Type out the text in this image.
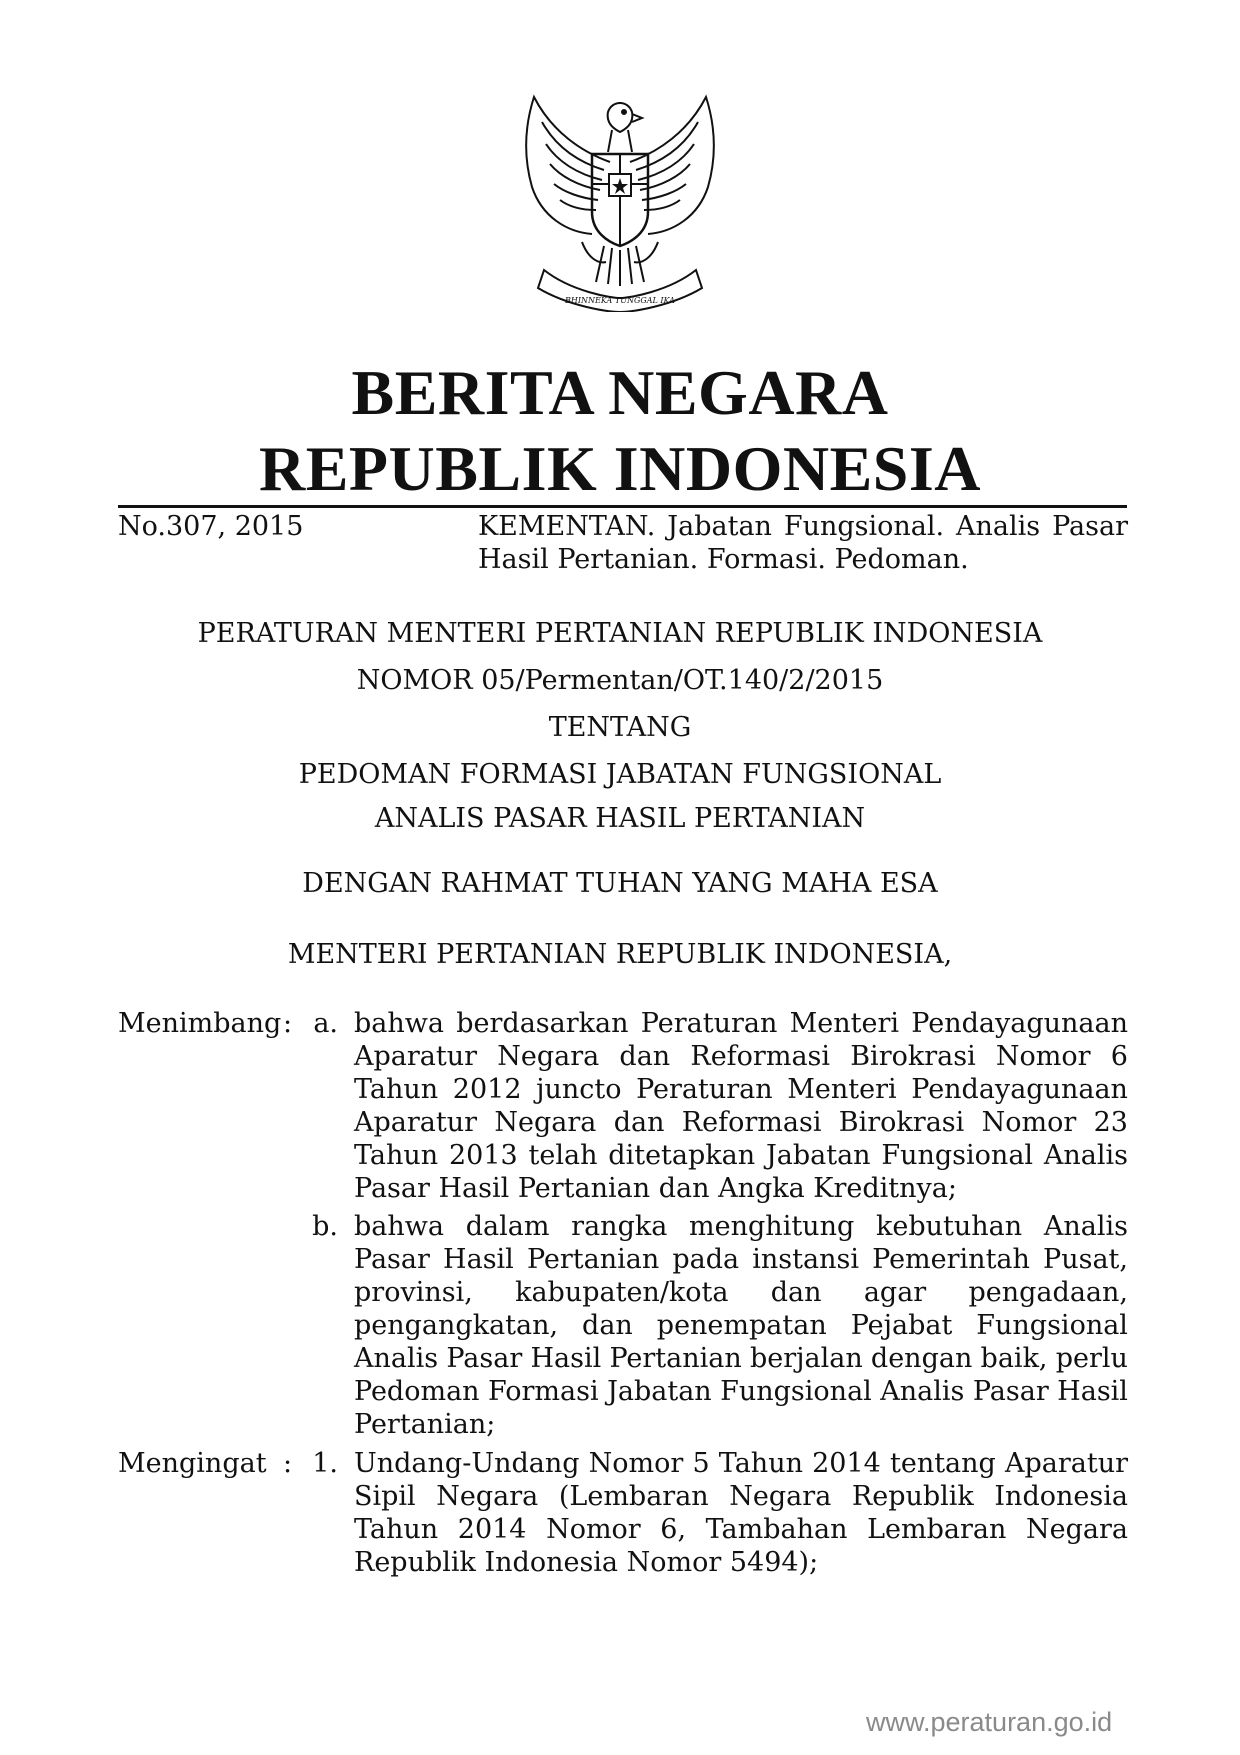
BHINNEKA TUNGGAL IKA
BERITA NEGARA
REPUBLIK INDONESIA
No.307, 2015	KEMENTAN. Jabatan Fungsional. Analis Pasar
Hasil Pertanian. Formasi. Pedoman.
PERATURAN MENTERI PERTANIAN REPUBLIK INDONESIA
NOMOR 05/Permentan/OT.140/2/2015
TENTANG
PEDOMAN FORMASI JABATAN FUNGSIONAL
ANALIS PASAR HASIL PERTANIAN
DENGAN RAHMAT TUHAN YANG MAHA ESA
MENTERI PERTANIAN REPUBLIK INDONESIA,
Menimbang : a. bahwa berdasarkan Peraturan Menteri Pendayagunaan
Aparatur Negara dan Reformasi Birokrasi Nomor 6
Tahun 2012 juncto Peraturan Menteri Pendayagunaan
Aparatur Negara dan Reformasi Birokrasi Nomor 23
Tahun 2013 telah ditetapkan Jabatan Fungsional Analis
Pasar Hasil Pertanian dan Angka Kreditnya;
b. bahwa dalam rangka menghitung kebutuhan Analis
Pasar Hasil Pertanian pada instansi Pemerintah Pusat,
provinsi, kabupaten/kota dan agar pengadaan,
pengangkatan, dan penempatan Pejabat Fungsional
Analis Pasar Hasil Pertanian berjalan dengan baik, perlu
Pedoman Formasi Jabatan Fungsional Analis Pasar Hasil
Pertanian;
Mengingat : 1. Undang-Undang Nomor 5 Tahun 2014 tentang Aparatur
Sipil Negara (Lembaran Negara Republik Indonesia
Tahun 2014 Nomor 6, Tambahan Lembaran Negara
Republik Indonesia Nomor 5494);
www.peraturan.go.id
